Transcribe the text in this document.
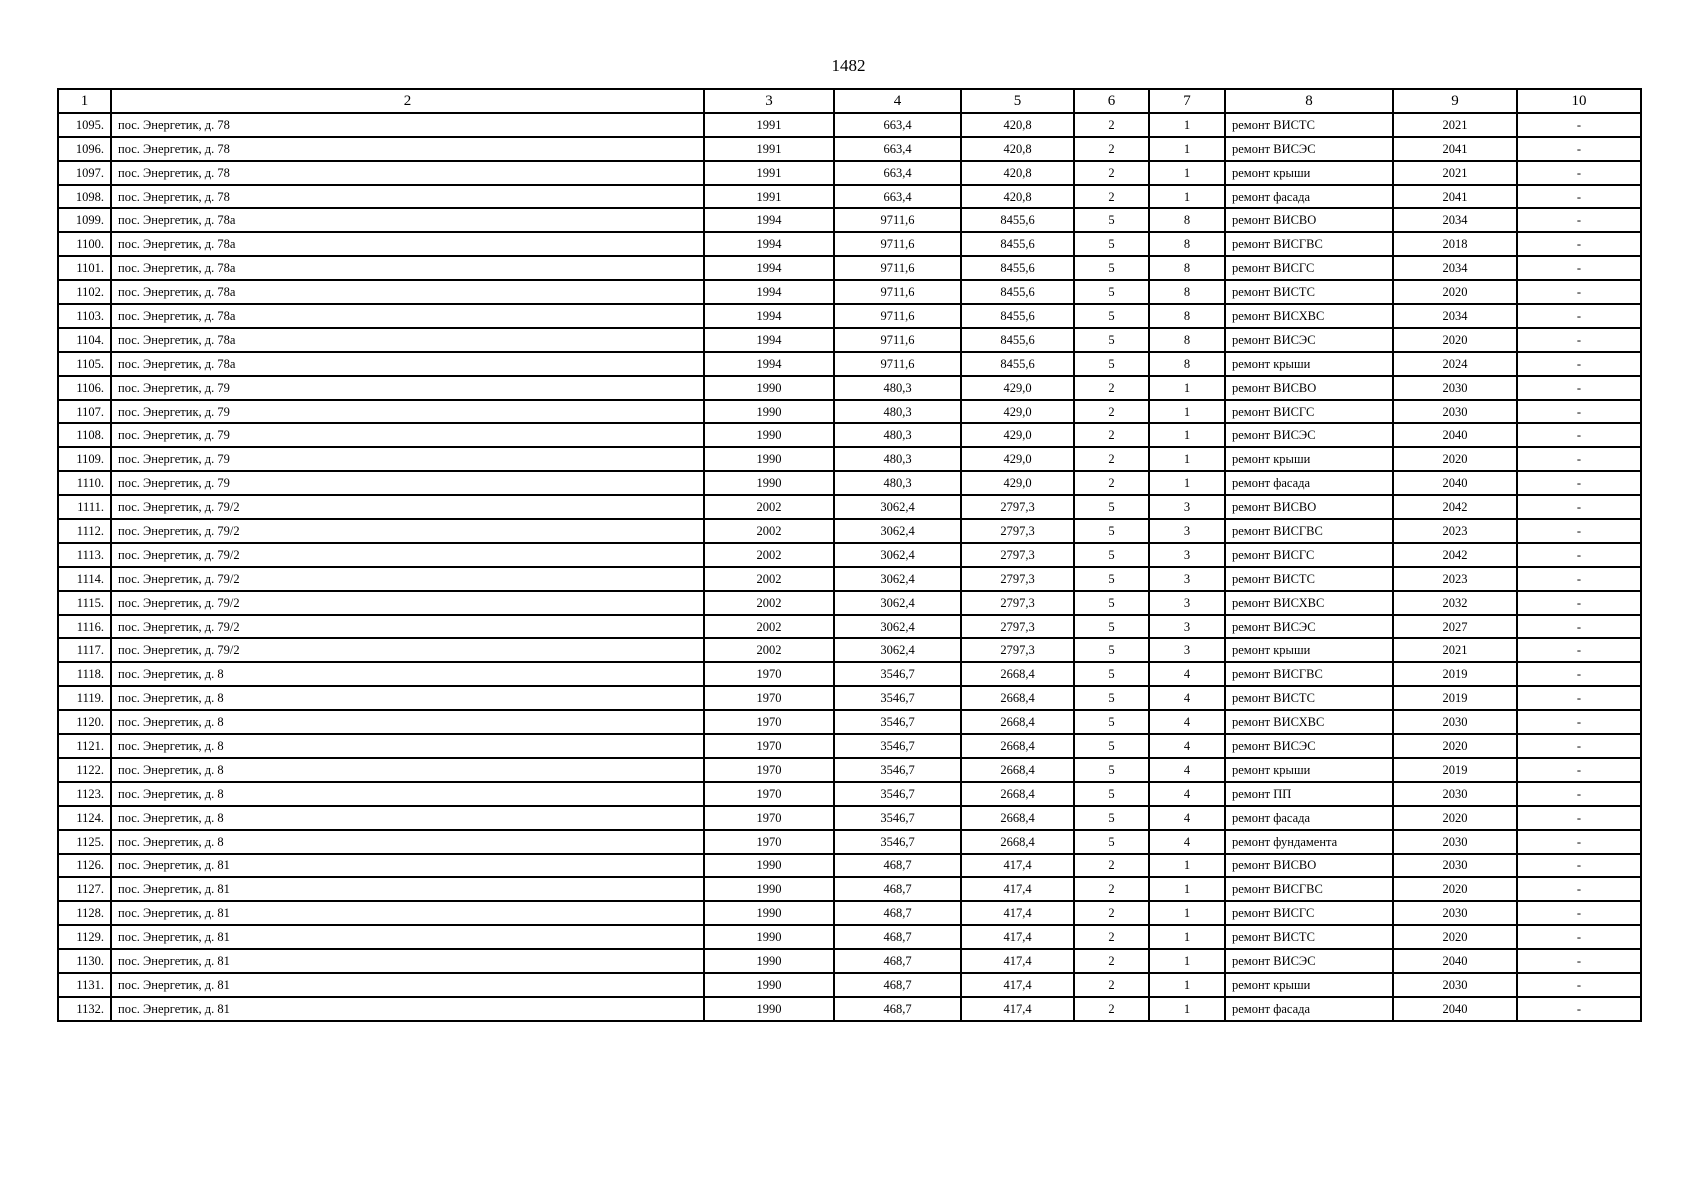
1482
1	2	3	4	5	6	7	8	9	10
1095.	пос. Энергетик, д. 78	1991	663,4	420,8	2	1	ремонт ВИСТС	2021	-
1096.	пос. Энергетик, д. 78	1991	663,4	420,8	2	1	ремонт ВИСЭС	2041	-
1097.	пос. Энергетик, д. 78	1991	663,4	420,8	2	1	ремонт крыши	2021	-
1098.	пос. Энергетик, д. 78	1991	663,4	420,8	2	1	ремонт фасада	2041	-
1099.	пос. Энергетик, д. 78а	1994	9711,6	8455,6	5	8	ремонт ВИСВО	2034	-
1100.	пос. Энергетик, д. 78а	1994	9711,6	8455,6	5	8	ремонт ВИСГВС	2018	-
1101.	пос. Энергетик, д. 78а	1994	9711,6	8455,6	5	8	ремонт ВИСГС	2034	-
1102.	пос. Энергетик, д. 78а	1994	9711,6	8455,6	5	8	ремонт ВИСТС	2020	-
1103.	пос. Энергетик, д. 78а	1994	9711,6	8455,6	5	8	ремонт ВИСХВС	2034	-
1104.	пос. Энергетик, д. 78а	1994	9711,6	8455,6	5	8	ремонт ВИСЭС	2020	-
1105.	пос. Энергетик, д. 78а	1994	9711,6	8455,6	5	8	ремонт крыши	2024	-
1106.	пос. Энергетик, д. 79	1990	480,3	429,0	2	1	ремонт ВИСВО	2030	-
1107.	пос. Энергетик, д. 79	1990	480,3	429,0	2	1	ремонт ВИСГС	2030	-
1108.	пос. Энергетик, д. 79	1990	480,3	429,0	2	1	ремонт ВИСЭС	2040	-
1109.	пос. Энергетик, д. 79	1990	480,3	429,0	2	1	ремонт крыши	2020	-
1110.	пос. Энергетик, д. 79	1990	480,3	429,0	2	1	ремонт фасада	2040	-
1111.	пос. Энергетик, д. 79/2	2002	3062,4	2797,3	5	3	ремонт ВИСВО	2042	-
1112.	пос. Энергетик, д. 79/2	2002	3062,4	2797,3	5	3	ремонт ВИСГВС	2023	-
1113.	пос. Энергетик, д. 79/2	2002	3062,4	2797,3	5	3	ремонт ВИСГС	2042	-
1114.	пос. Энергетик, д. 79/2	2002	3062,4	2797,3	5	3	ремонт ВИСТС	2023	-
1115.	пос. Энергетик, д. 79/2	2002	3062,4	2797,3	5	3	ремонт ВИСХВС	2032	-
1116.	пос. Энергетик, д. 79/2	2002	3062,4	2797,3	5	3	ремонт ВИСЭС	2027	-
1117.	пос. Энергетик, д. 79/2	2002	3062,4	2797,3	5	3	ремонт крыши	2021	-
1118.	пос. Энергетик, д. 8	1970	3546,7	2668,4	5	4	ремонт ВИСГВС	2019	-
1119.	пос. Энергетик, д. 8	1970	3546,7	2668,4	5	4	ремонт ВИСТС	2019	-
1120.	пос. Энергетик, д. 8	1970	3546,7	2668,4	5	4	ремонт ВИСХВС	2030	-
1121.	пос. Энергетик, д. 8	1970	3546,7	2668,4	5	4	ремонт ВИСЭС	2020	-
1122.	пос. Энергетик, д. 8	1970	3546,7	2668,4	5	4	ремонт крыши	2019	-
1123.	пос. Энергетик, д. 8	1970	3546,7	2668,4	5	4	ремонт ПП	2030	-
1124.	пос. Энергетик, д. 8	1970	3546,7	2668,4	5	4	ремонт фасада	2020	-
1125.	пос. Энергетик, д. 8	1970	3546,7	2668,4	5	4	ремонт фундамента	2030	-
1126.	пос. Энергетик, д. 81	1990	468,7	417,4	2	1	ремонт ВИСВО	2030	-
1127.	пос. Энергетик, д. 81	1990	468,7	417,4	2	1	ремонт ВИСГВС	2020	-
1128.	пос. Энергетик, д. 81	1990	468,7	417,4	2	1	ремонт ВИСГС	2030	-
1129.	пос. Энергетик, д. 81	1990	468,7	417,4	2	1	ремонт ВИСТС	2020	-
1130.	пос. Энергетик, д. 81	1990	468,7	417,4	2	1	ремонт ВИСЭС	2040	-
1131.	пос. Энергетик, д. 81	1990	468,7	417,4	2	1	ремонт крыши	2030	-
1132.	пос. Энергетик, д. 81	1990	468,7	417,4	2	1	ремонт фасада	2040	-
